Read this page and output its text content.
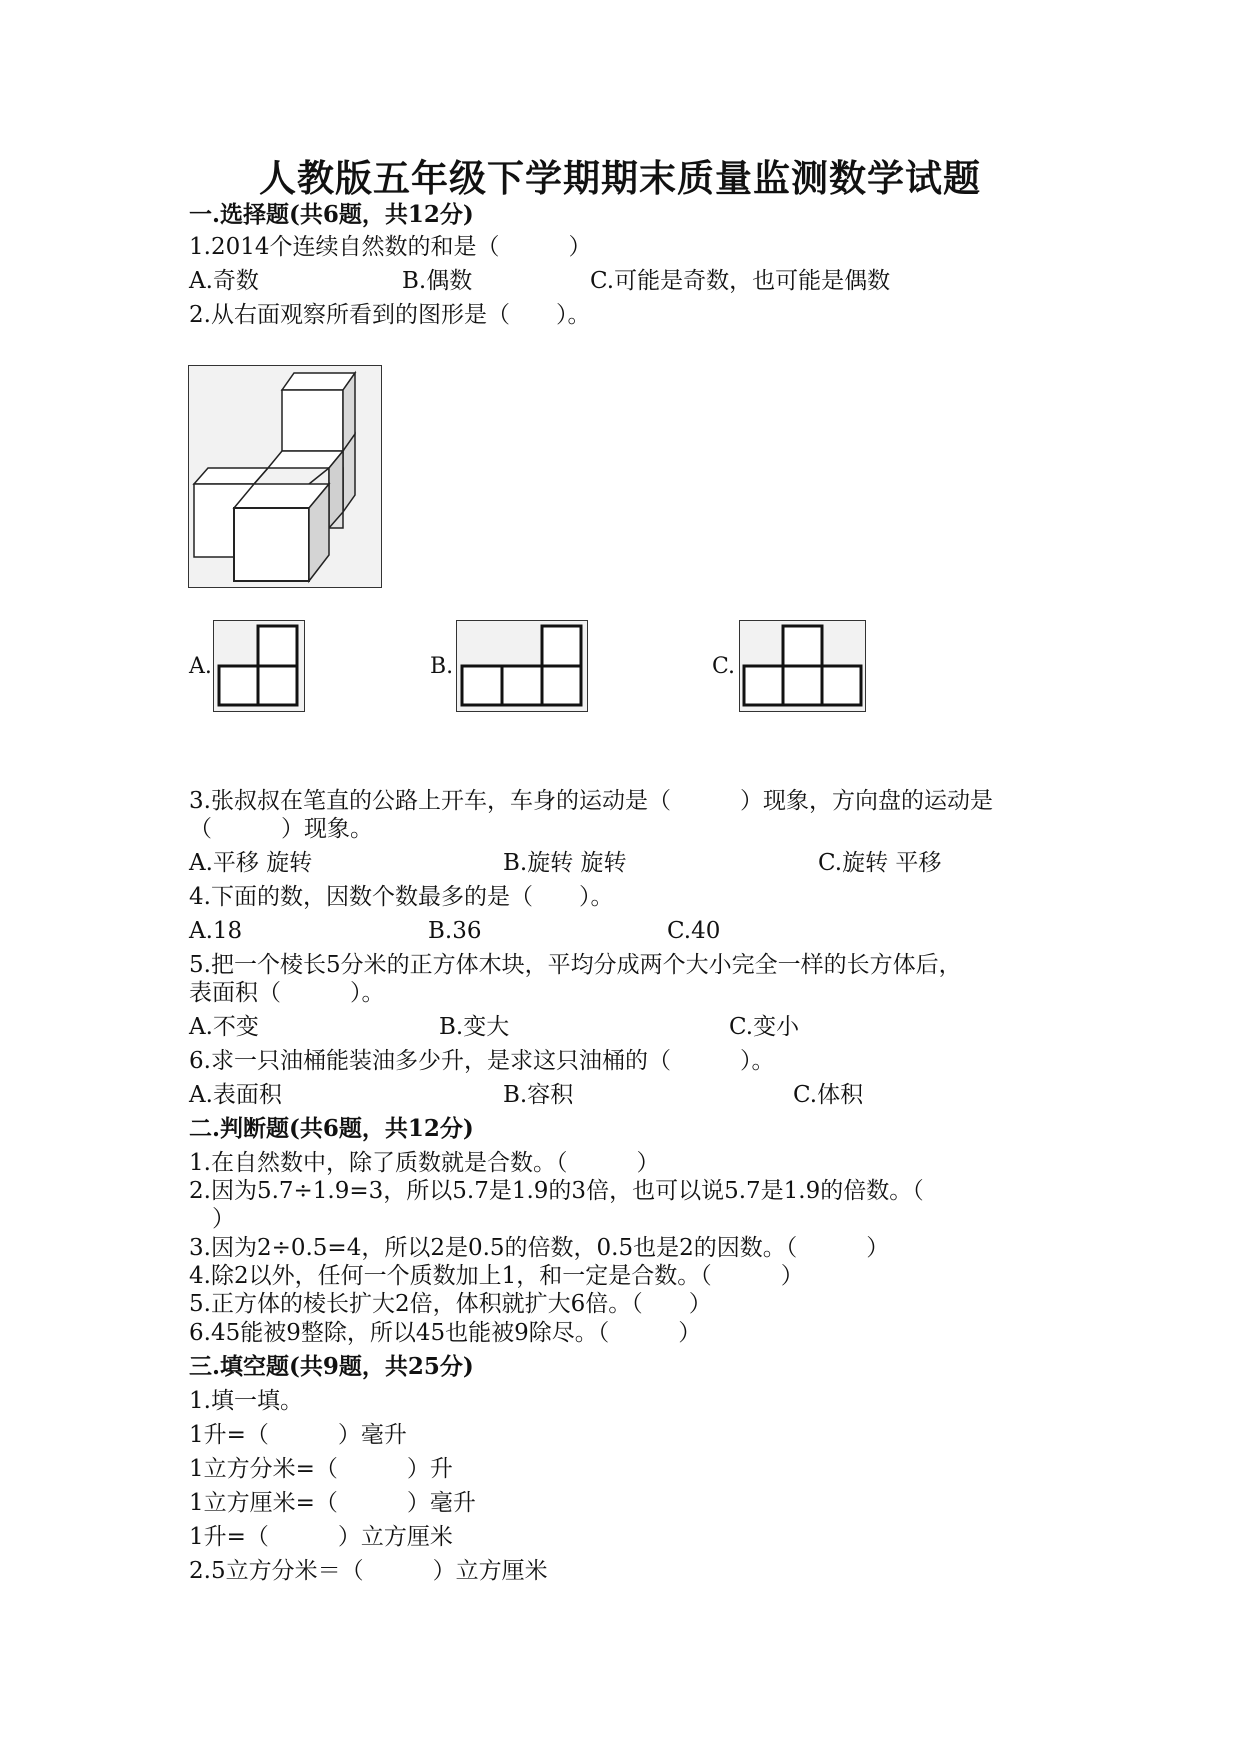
人教版五年级下学期期末质量监测数学试题
一.选择题(共6题，共12分)
1.2014个连续自然数的和是（　　　）
A.奇数	B.偶数	C.可能是奇数，也可能是偶数
2.从右面观察所看到的图形是（　　）。
A.	B.	C.
3.张叔叔在笔直的公路上开车，车身的运动是（　　　）现象，方向盘的运动是
（　　　）现象。
A.平移 旋转	B.旋转 旋转	C.旋转 平移
4.下面的数，因数个数最多的是（　　）。
A.18	B.36	C.40
5.把一个棱长5分米的正方体木块，平均分成两个大小完全一样的长方体后，
表面积（　　　）。
A.不变	B.变大	C.变小
6.求一只油桶能装油多少升，是求这只油桶的（　　　）。
A.表面积	B.容积	C.体积
二.判断题(共6题，共12分)
1.在自然数中，除了质数就是合数。（　　　）
2.因为5.7÷1.9=3，所以5.7是1.9的3倍，也可以说5.7是1.9的倍数。（
　）
3.因为2÷0.5=4，所以2是0.5的倍数，0.5也是2的因数。（　　　）
4.除2以外，任何一个质数加上1，和一定是合数。（　　　）
5.正方体的棱长扩大2倍，体积就扩大6倍。（　　）
6.45能被9整除，所以45也能被9除尽。（　　　）
三.填空题(共9题，共25分)
1.填一填。
1升=（　　　）毫升
1立方分米=（　　　）升
1立方厘米=（　　　）毫升
1升=（　　　）立方厘米
2.5立方分米＝（　　　）立方厘米
